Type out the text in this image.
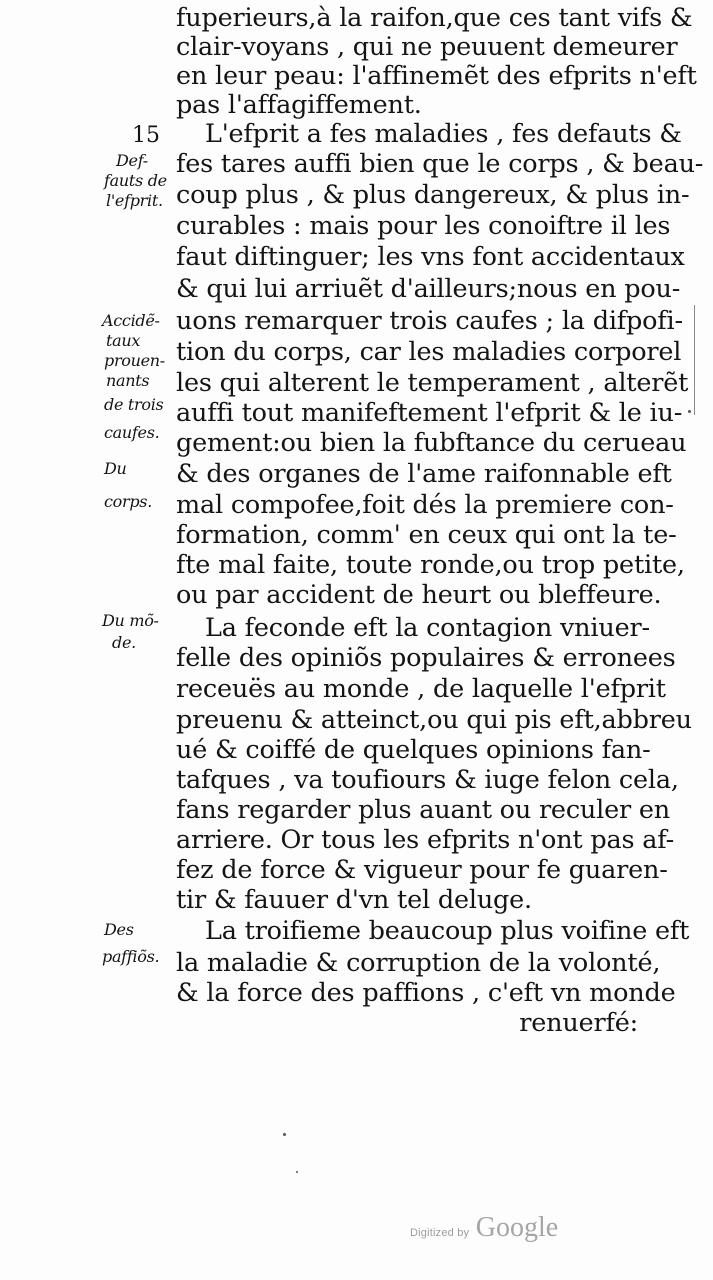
15
Def-
fauts de
l'efprit.
Accidẽ-
taux
prouen-
nants
de trois
caufes.
Du
corps.
Du mõ-
de.
Des
paffiõs.
fuperieurs,à la raifon,que ces tant vifs &
clair-voyans , qui ne peuuent demeurer
en leur peau: l'affinemẽt des efprits n'eft
pas l'affagiffement.
L'efprit a fes maladies , fes defauts &
fes tares auffi bien que le corps , & beau-
coup plus , & plus dangereux, & plus in-
curables : mais pour les conoiftre il les
faut diftinguer; les vns font accidentaux
& qui lui arriuẽt d'ailleurs;nous en pou-
uons remarquer trois caufes ; la difpofi-
tion du corps, car les maladies corporel
les qui alterent le temperament , alterẽt
auffi tout manifeftement l'efprit & le iu-
gement:ou bien la fubftance du cerueau
& des organes de l'ame raifonnable eft
mal compofee,foit dés la premiere con-
formation, comm' en ceux qui ont la te-
fte mal faite, toute ronde,ou trop petite,
ou par accident de heurt ou bleffeure.
La feconde eft la contagion vniuer-
felle des opiniõs populaires & erronees
receuës au monde , de laquelle l'efprit
preuenu & atteinct,ou qui pis eft,abbreu
ué & coiffé de quelques opinions fan-
tafques , va toufiours & iuge felon cela,
fans regarder plus auant ou reculer en
arriere. Or tous les efprits n'ont pas af-
fez de force & vigueur pour fe guaren-
tir & fauuer d'vn tel deluge.
La troifieme beaucoup plus voifine eft
la maladie & corruption de la volonté,
& la force des paffions , c'eft vn monde
renuerfé:
Digitized by Google
